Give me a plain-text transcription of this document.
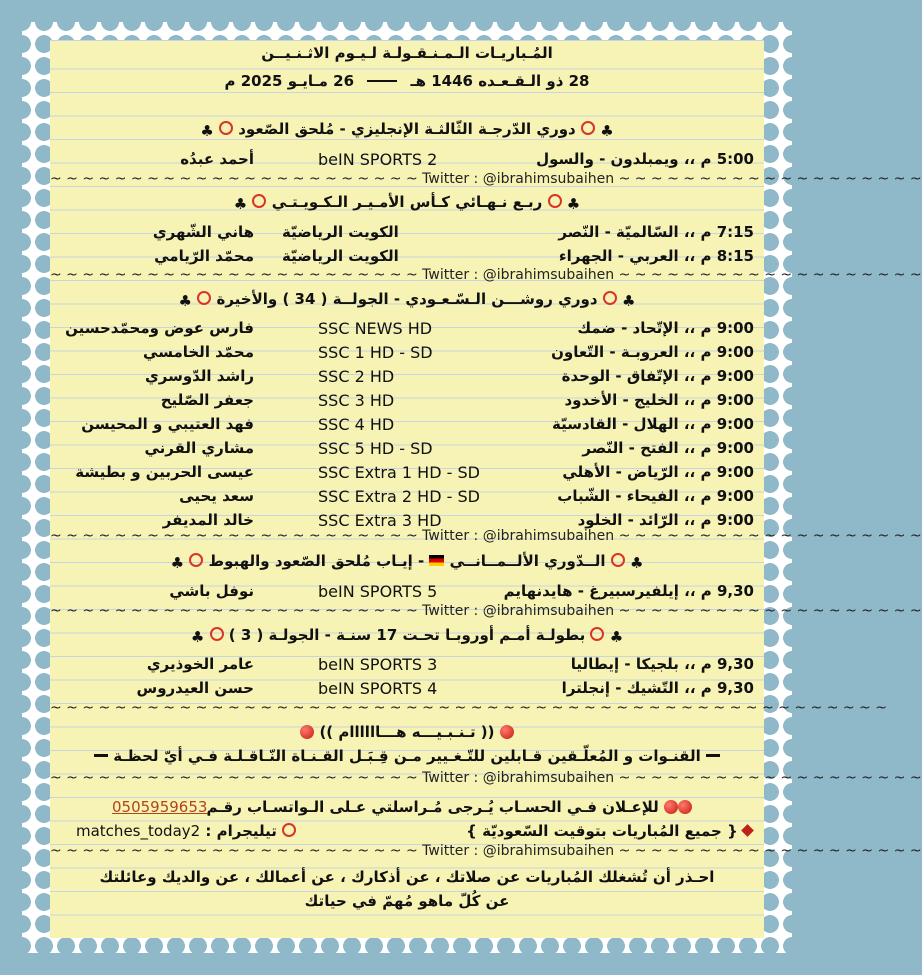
المُـباريـات الـمـنـقـولـة لـيـوم الاثـنـيــن
28 ذو الـقـعـده 1446 هـ  26 مـايـو 2025 م
♣  دوري الدّرجـة الثّالثـة الإنجليزي - مُلحق الصّعود  ♣
5:00 م ،، ويمبلدون - والسول
beIN SPORTS 2
أحمد عبدُه
~ ~ ~ ~ ~ ~ ~ ~ ~ ~ ~ ~ ~ ~ ~ ~ ~ ~ ~ ~ ~ ~ ~ Twitter : @ibrahimsubaihen ~ ~ ~ ~ ~ ~ ~ ~ ~ ~ ~ ~ ~ ~ ~ ~ ~ ~ ~
♣  ربـع نـهـائي كـأس الأمـيـر الـكـويـتـي  ♣
7:15 م ،، السّالميّة - النّصر
الكويت الرياضيّة
هاني الشّهري
8:15 م ،، العربي - الجهراء
الكويت الرياضيّة
محمّد الرّيامي
~ ~ ~ ~ ~ ~ ~ ~ ~ ~ ~ ~ ~ ~ ~ ~ ~ ~ ~ ~ ~ ~ ~ Twitter : @ibrahimsubaihen ~ ~ ~ ~ ~ ~ ~ ~ ~ ~ ~ ~ ~ ~ ~ ~ ~ ~ ~
♣  دوري روشـــن الـسّـعـودي - الجولــة ( 34 ) والأخيرة  ♣
9:00 م ،، الإتّحاد - ضمك
SSC NEWS HD
فارس عوض ومحمّدحسين
9:00 م ،، العروبـة - التّعاون
SSC 1 HD - SD
محمّد الخامسي
9:00 م ،، الإتّفاق - الوحدة
SSC 2 HD
راشد الدّوسري
9:00 م ،، الخليج - الأخدود
SSC 3 HD
جعفر الصّليح
9:00 م ،، الهلال - القادسيّة
SSC 4 HD
فهد العتيبي و المحيسن
9:00 م ،، الفتح - النّصر
SSC 5 HD - SD
مشاري القرني
9:00 م ،، الرّياض - الأهلي
SSC Extra 1 HD - SD
عيسى الحربين و بطيشة
9:00 م ،، الفيحاء - الشّباب
SSC Extra 2 HD - SD
سعد يحيى
9:00 م ،، الرّائد - الخلود
SSC Extra 3 HD
خالد المديفر
~ ~ ~ ~ ~ ~ ~ ~ ~ ~ ~ ~ ~ ~ ~ ~ ~ ~ ~ ~ ~ ~ ~ Twitter : @ibrahimsubaihen ~ ~ ~ ~ ~ ~ ~ ~ ~ ~ ~ ~ ~ ~ ~ ~ ~ ~ ~
♣  الــدّوري الألــمــانــي  - إيـاب مُلحق الصّعود والهبوط  ♣
9,30 م ،، إيلفيرسبيرغ - هايدنهايم
beIN SPORTS 5
نوفل باشي
~ ~ ~ ~ ~ ~ ~ ~ ~ ~ ~ ~ ~ ~ ~ ~ ~ ~ ~ ~ ~ ~ ~ Twitter : @ibrahimsubaihen ~ ~ ~ ~ ~ ~ ~ ~ ~ ~ ~ ~ ~ ~ ~ ~ ~ ~ ~
♣  بطولـة أمـم أوروبـا تحـت 17 سنـة - الجولـة ( 3 )  ♣
9,30 م ،، بلجيكا - إيطاليا
beIN SPORTS 3
عامر الخوذيري
9,30 م ،، التّشيك - إنجلترا
beIN SPORTS 4
حسن العيدروس
~ ~ ~ ~ ~ ~ ~ ~ ~ ~ ~ ~ ~ ~ ~ ~ ~ ~ ~ ~ ~ ~ ~ ~ ~ ~ ~ ~ ~ ~ ~ ~ ~ ~ ~ ~ ~ ~ ~ ~ ~ ~ ~ ~ ~ ~ ~ ~ ~ ~ ~ ~
(( تـنـبـيـــه هـــاااااام ))
القنـوات و المُعلّـقين قـابلين للتّـغـيير مـن قِـبَـل القـنـاة النّـاقـلـة فـي أيّ لحظـة
~ ~ ~ ~ ~ ~ ~ ~ ~ ~ ~ ~ ~ ~ ~ ~ ~ ~ ~ ~ ~ ~ ~ Twitter : @ibrahimsubaihen ~ ~ ~ ~ ~ ~ ~ ~ ~ ~ ~ ~ ~ ~ ~ ~ ~ ~ ~
للإعـلان فـي الحسـاب يُـرجى مُـراسلتي عـلى الـواتسـاب رقـم
0505959653
{ جميع المُباريات بتوقيت السّعوديّة }
تيليجرام : matches_today2
~ ~ ~ ~ ~ ~ ~ ~ ~ ~ ~ ~ ~ ~ ~ ~ ~ ~ ~ ~ ~ ~ ~ Twitter : @ibrahimsubaihen ~ ~ ~ ~ ~ ~ ~ ~ ~ ~ ~ ~ ~ ~ ~ ~ ~ ~ ~
احـذر أن تُشغلك المُباريات عن صلاتك ، عن أذكارك ، عن أعمالك ، عن والديك وعائلتك
عن كُلّ ماهو مُهمّ في حياتك
